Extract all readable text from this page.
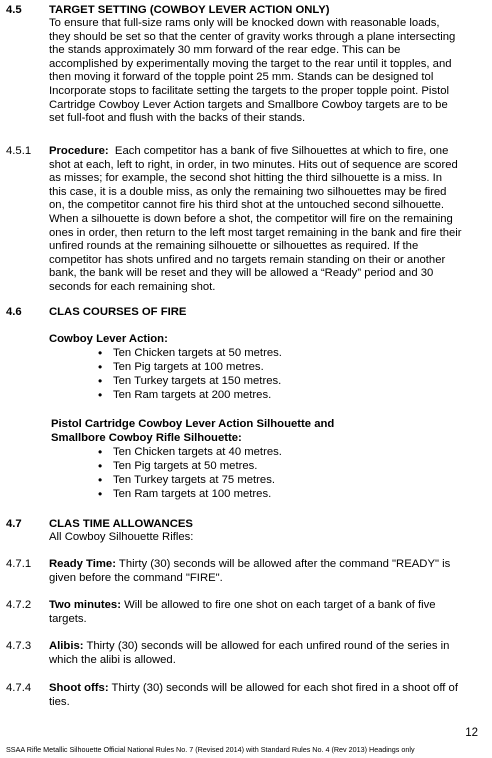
4.5 TARGET SETTING (COWBOY LEVER ACTION ONLY)
To ensure that full-size rams only will be knocked down with reasonable loads,
they should be set so that the center of gravity works through a plane intersecting
the stands approximately 30 mm forward of the rear edge. This can be
accomplished by experimentally moving the target to the rear until it topples, and
then moving it forward of the topple point 25 mm. Stands can be designed tol
Incorporate stops to facilitate setting the targets to the proper topple point. Pistol
Cartridge Cowboy Lever Action targets and Smallbore Cowboy targets are to be
set full-foot and flush with the backs of their stands.
4.5.1 Procedure:  Each competitor has a bank of five Silhouettes at which to fire, one
shot at each, left to right, in order, in two minutes. Hits out of sequence are scored
as misses; for example, the second shot hitting the third silhouette is a miss. In
this case, it is a double miss, as only the remaining two silhouettes may be fired
on, the competitor cannot fire his third shot at the untouched second silhouette.
When a silhouette is down before a shot, the competitor will fire on the remaining
ones in order, then return to the left most target remaining in the bank and fire their
unfired rounds at the remaining silhouette or silhouettes as required. If the
competitor has shots unfired and no targets remain standing on their or another
bank, the bank will be reset and they will be allowed a “Ready” period and 30
seconds for each remaining shot.
4.6 CLAS COURSES OF FIRE
Cowboy Lever Action:
• Ten Chicken targets at 50 metres.
• Ten Pig targets at 100 metres.
• Ten Turkey targets at 150 metres.
• Ten Ram targets at 200 metres.
Pistol Cartridge Cowboy Lever Action Silhouette and
Smallbore Cowboy Rifle Silhouette:
• Ten Chicken targets at 40 metres.
• Ten Pig targets at 50 metres.
• Ten Turkey targets at 75 metres.
• Ten Ram targets at 100 metres.
4.7 CLAS TIME ALLOWANCES
All Cowboy Silhouette Rifles:
4.7.1 Ready Time: Thirty (30) seconds will be allowed after the command "READY" is
given before the command "FIRE".
4.7.2 Two minutes: Will be allowed to fire one shot on each target of a bank of five
targets.
4.7.3 Alibis: Thirty (30) seconds will be allowed for each unfired round of the series in
which the alibi is allowed.
4.7.4 Shoot offs: Thirty (30) seconds will be allowed for each shot fired in a shoot off of
ties.
12
SSAA Rifle Metallic Silhouette Official National Rules No. 7 (Revised 2014) with Standard Rules No. 4 (Rev 2013) Headings only
